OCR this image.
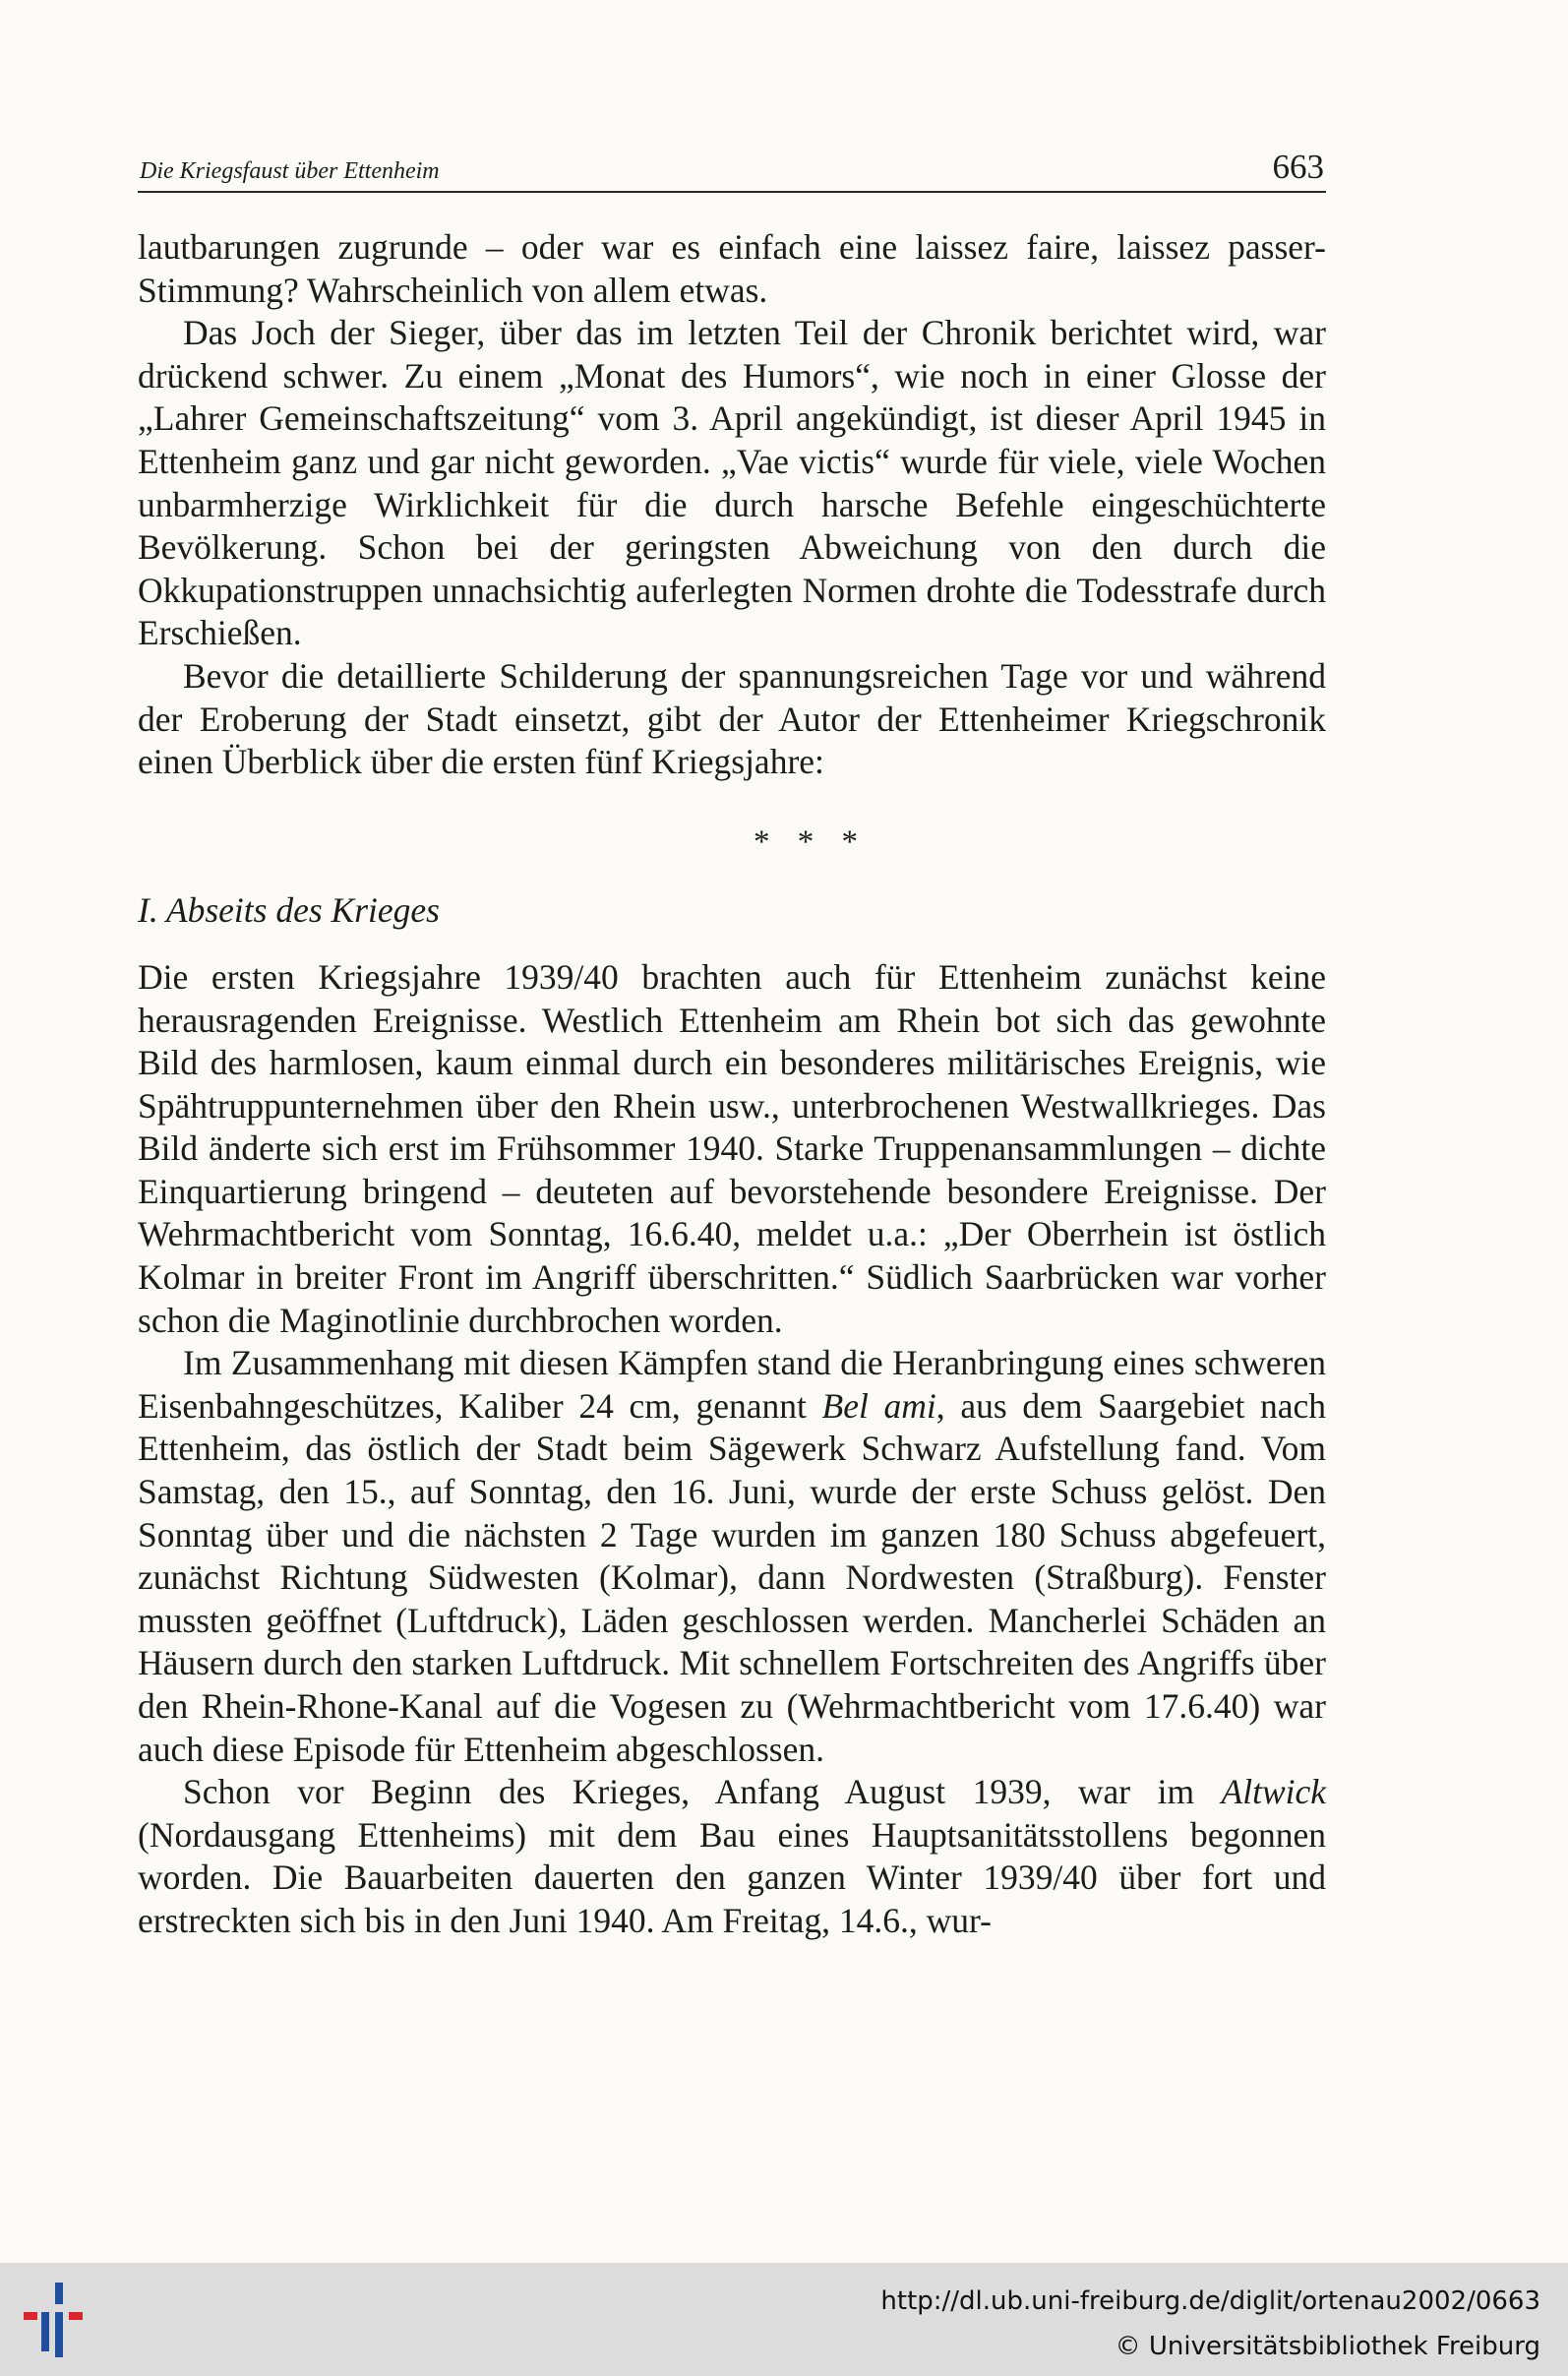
Die Kriegsfaust über Ettenheim	663

lautbarungen zugrunde – oder war es einfach eine laissez faire, laissez passer-Stimmung? Wahrscheinlich von allem etwas.

Das Joch der Sieger, über das im letzten Teil der Chronik berichtet wird, war drückend schwer. Zu einem „Monat des Humors“, wie noch in einer Glosse der „Lahrer Gemeinschaftszeitung“ vom 3. April angekündigt, ist dieser April 1945 in Ettenheim ganz und gar nicht geworden. „Vae victis“ wurde für viele, viele Wochen unbarmherzige Wirklichkeit für die durch harsche Befehle eingeschüchterte Bevölkerung. Schon bei der geringsten Abweichung von den durch die Okkupationstruppen unnachsichtig auferlegten Normen drohte die Todesstrafe durch Erschießen.

Bevor die detaillierte Schilderung der spannungsreichen Tage vor und während der Eroberung der Stadt einsetzt, gibt der Autor der Ettenheimer Kriegschronik einen Überblick über die ersten fünf Kriegsjahre:

* * *
I. Abseits des Krieges

Die ersten Kriegsjahre 1939/40 brachten auch für Ettenheim zunächst keine herausragenden Ereignisse. Westlich Ettenheim am Rhein bot sich das gewohnte Bild des harmlosen, kaum einmal durch ein besonderes militärisches Ereignis, wie Spähtruppunternehmen über den Rhein usw., unterbrochenen Westwallkrieges. Das Bild änderte sich erst im Frühsommer 1940. Starke Truppenansammlungen – dichte Einquartierung bringend – deuteten auf bevorstehende besondere Ereignisse. Der Wehrmachtbericht vom Sonntag, 16.6.40, meldet u.a.: „Der Oberrhein ist östlich Kolmar in breiter Front im Angriff überschritten.“ Südlich Saarbrücken war vorher schon die Maginotlinie durchbrochen worden.

Im Zusammenhang mit diesen Kämpfen stand die Heranbringung eines schweren Eisenbahngeschützes, Kaliber 24 cm, genannt Bel ami, aus dem Saargebiet nach Ettenheim, das östlich der Stadt beim Sägewerk Schwarz Aufstellung fand. Vom Samstag, den 15., auf Sonntag, den 16. Juni, wurde der erste Schuss gelöst. Den Sonntag über und die nächsten 2 Tage wurden im ganzen 180 Schuss abgefeuert, zunächst Richtung Südwesten (Kolmar), dann Nordwesten (Straßburg). Fenster mussten geöffnet (Luftdruck), Läden geschlossen werden. Mancherlei Schäden an Häusern durch den starken Luftdruck. Mit schnellem Fortschreiten des Angriffs über den Rhein-Rhone-Kanal auf die Vogesen zu (Wehrmachtbericht vom 17.6.40) war auch diese Episode für Ettenheim abgeschlossen.

Schon vor Beginn des Krieges, Anfang August 1939, war im Altwick (Nordausgang Ettenheims) mit dem Bau eines Hauptsanitätsstollens begonnen worden. Die Bauarbeiten dauerten den ganzen Winter 1939/40 über fort und erstreckten sich bis in den Juni 1940. Am Freitag, 14.6., wur-

http://dl.ub.uni-freiburg.de/diglit/ortenau2002/0663
© Universitätsbibliothek Freiburg
